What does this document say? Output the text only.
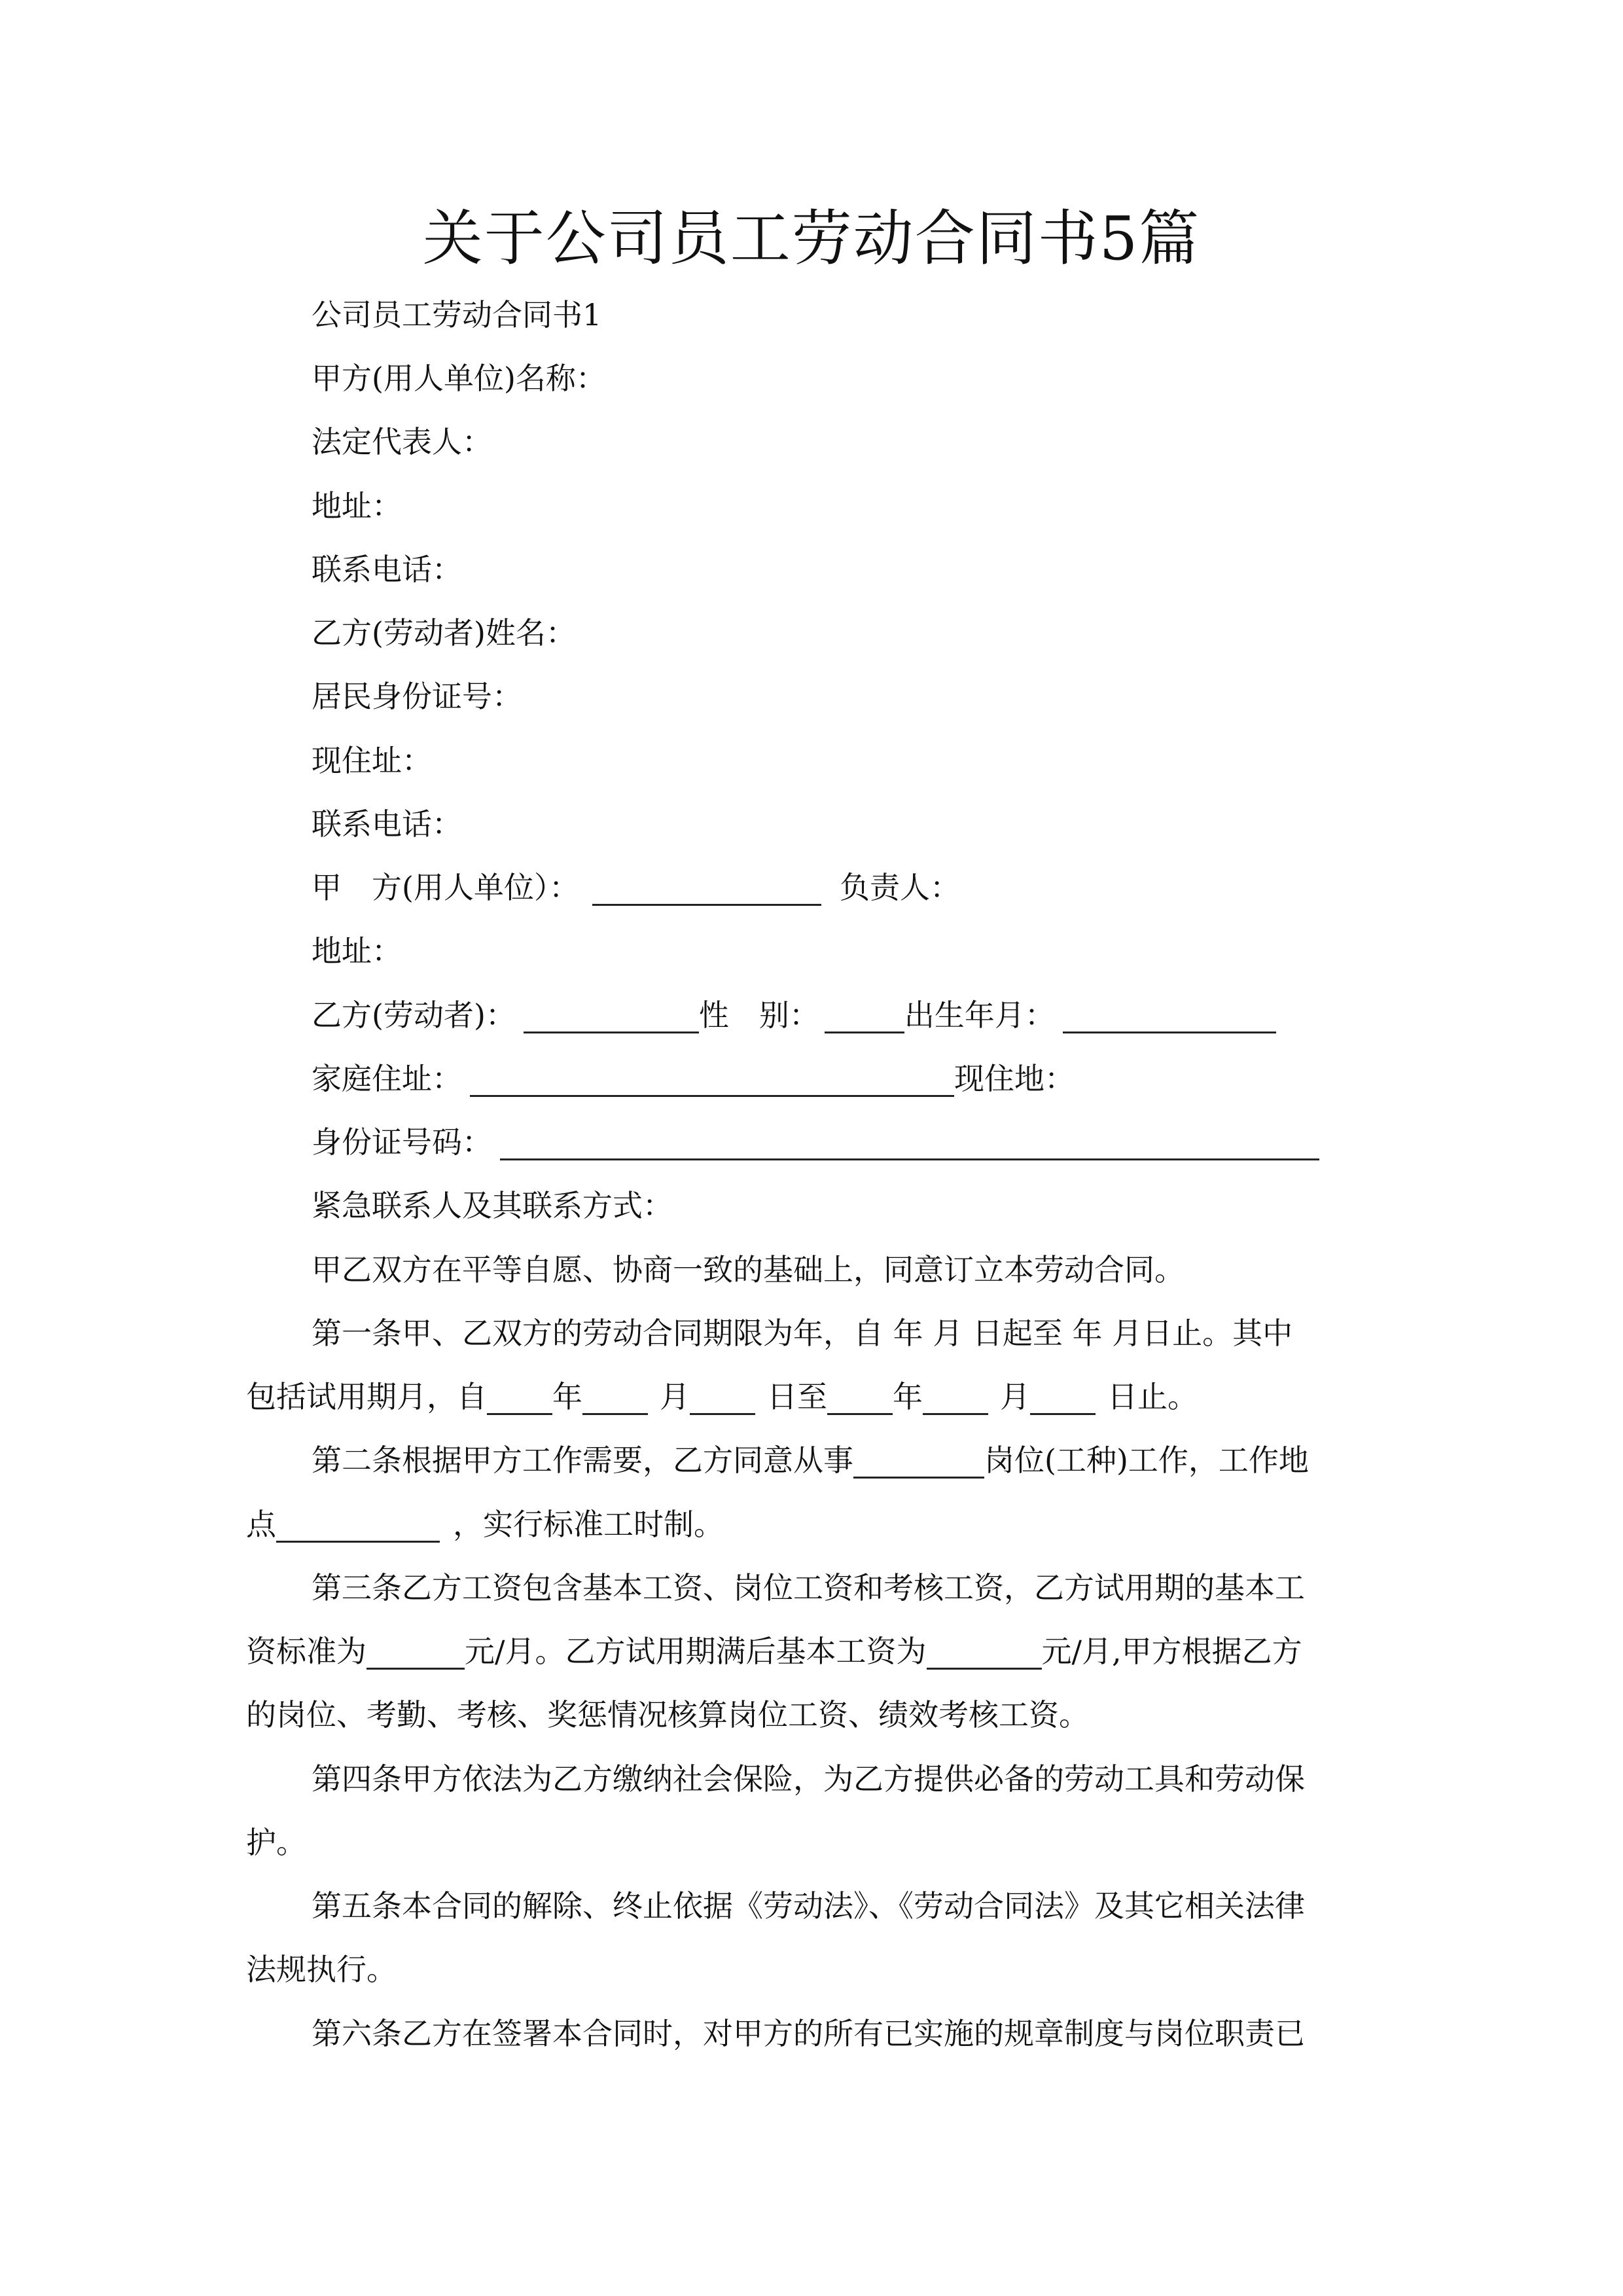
关于公司员工劳动合同书5篇
公司员工劳动合同书1
甲方(用人单位)名称：
法定代表人：
地址：
联系电话：
乙方(劳动者)姓名：
居民身份证号：
现住址：
联系电话：
甲　方(用人单位）：	负责人：
地址：
乙方(劳动者)：	性　别：	出生年月：
家庭住址：	现住地：
身份证号码：
紧急联系人及其联系方式：
甲乙双方在平等自愿、协商一致的基础上，同意订立本劳动合同。
第一条甲、乙双方的劳动合同期限为年，自 年 月 日起至 年 月日止。其中
包括试用期月，自 年	月	日至 年	月	日止。
第二条根据甲方工作需要，乙方同意从事	岗位(工种)工作，工作地
点	，实行标准工时制。
第三条乙方工资包含基本工资、岗位工资和考核工资，乙方试用期的基本工
资标准为	元/月。乙方试用期满后基本工资为	元/月,甲方根据乙方
的岗位、考勤、考核、奖惩情况核算岗位工资、绩效考核工资。
第四条甲方依法为乙方缴纳社会保险，为乙方提供必备的劳动工具和劳动保
护。
第五条本合同的解除、终止依据《劳动法》、《劳动合同法》及其它相关法律
法规执行。
第六条乙方在签署本合同时，对甲方的所有已实施的规章制度与岗位职责已
